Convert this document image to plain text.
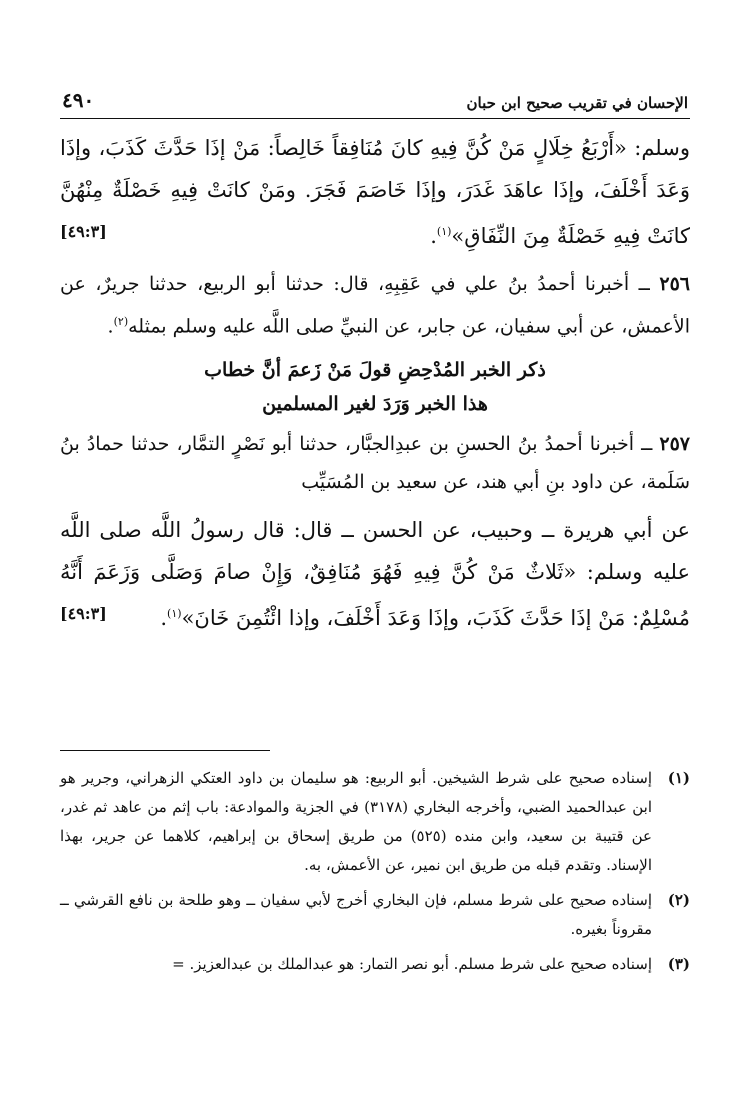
٤٩٠	الإحسان في تقريب صحيح ابن حبان

وسلم: «أَرْبَعُ خِلَالٍ مَنْ كُنَّ فِيهِ كانَ مُنَافِقاً خَالِصاً: مَنْ إذَا حَدَّثَ كَذَبَ، وإذَا وَعَدَ أَخْلَفَ، وإذَا عاهَدَ غَدَرَ، وإذَا خَاصَمَ فَجَرَ. ومَنْ كانَتْ فِيهِ خَصْلَةٌ مِنْهُنَّ كانَتْ فِيهِ خَصْلَةٌ مِنَ النِّفَاقِ»$^{(١)}$.
[٤٩:٣]

٢٥٦ ــ أخبرنا أحمدُ بنُ علي في عَقِبِهِ، قال: حدثنا أبو الربيع، حدثنا جريرٌ، عن الأعمش، عن أبي سفيان، عن جابر، عن النبيِّ صلى اللَّه عليه وسلم بمثله$^{(٢)}$.

ذكر الخبر المُدْحِضِ قولَ مَنْ زَعمَ أنَّ خطاب
هذا الخبر وَرَدَ لغير المسلمين

٢٥٧ ــ أخبرنا أحمدُ بنُ الحسنِ بن عبدِالجبَّار، حدثنا أبو نَصْرٍ التمَّار، حدثنا حمادُ بنُ سَلَمة، عن داود بنِ أبي هند، عن سعيد بن المُسَيِّب

عن أبي هريرة ــ وحبيب، عن الحسن ــ قال: قال رسولُ اللَّه صلى اللَّه عليه وسلم: «ثَلاثٌ مَنْ كُنَّ فِيهِ فَهُوَ مُنَافِقٌ، وَإِنْ صامَ وَصَلَّى وَزَعَمَ أَنَّهُ مُسْلِمٌ: مَنْ إذَا حَدَّثَ كَذَبَ، وإذَا وَعَدَ أَخْلَفَ، وإذا ائْتُمِنَ خَانَ»$^{(١)}$.
[٤٩:٣]

(١)
إسناده صحيح على شرط الشيخين. أبو الربيع: هو سليمان بن داود العتكي الزهراني، وجرير هو ابن عبدالحميد الضبي، وأخرجه البخاري (٣١٧٨) في الجزية والموادعة: باب إثم من عاهد ثم غدر، عن قتيبة بن سعيد، وابن منده (٥٢٥) من طريق إسحاق بن إبراهيم، كلاهما عن جرير، بهذا الإسناد. وتقدم قبله من طريق ابن نمير، عن الأعمش، به.
(٢)
إسناده صحيح على شرط مسلم، فإن البخاري أخرج لأبي سفيان ــ وهو طلحة بن نافع القرشي ــ مقروناً بغيره.
(٣)
إسناده صحيح على شرط مسلم. أبو نصر التمار: هو عبدالملك بن عبدالعزيز. =
